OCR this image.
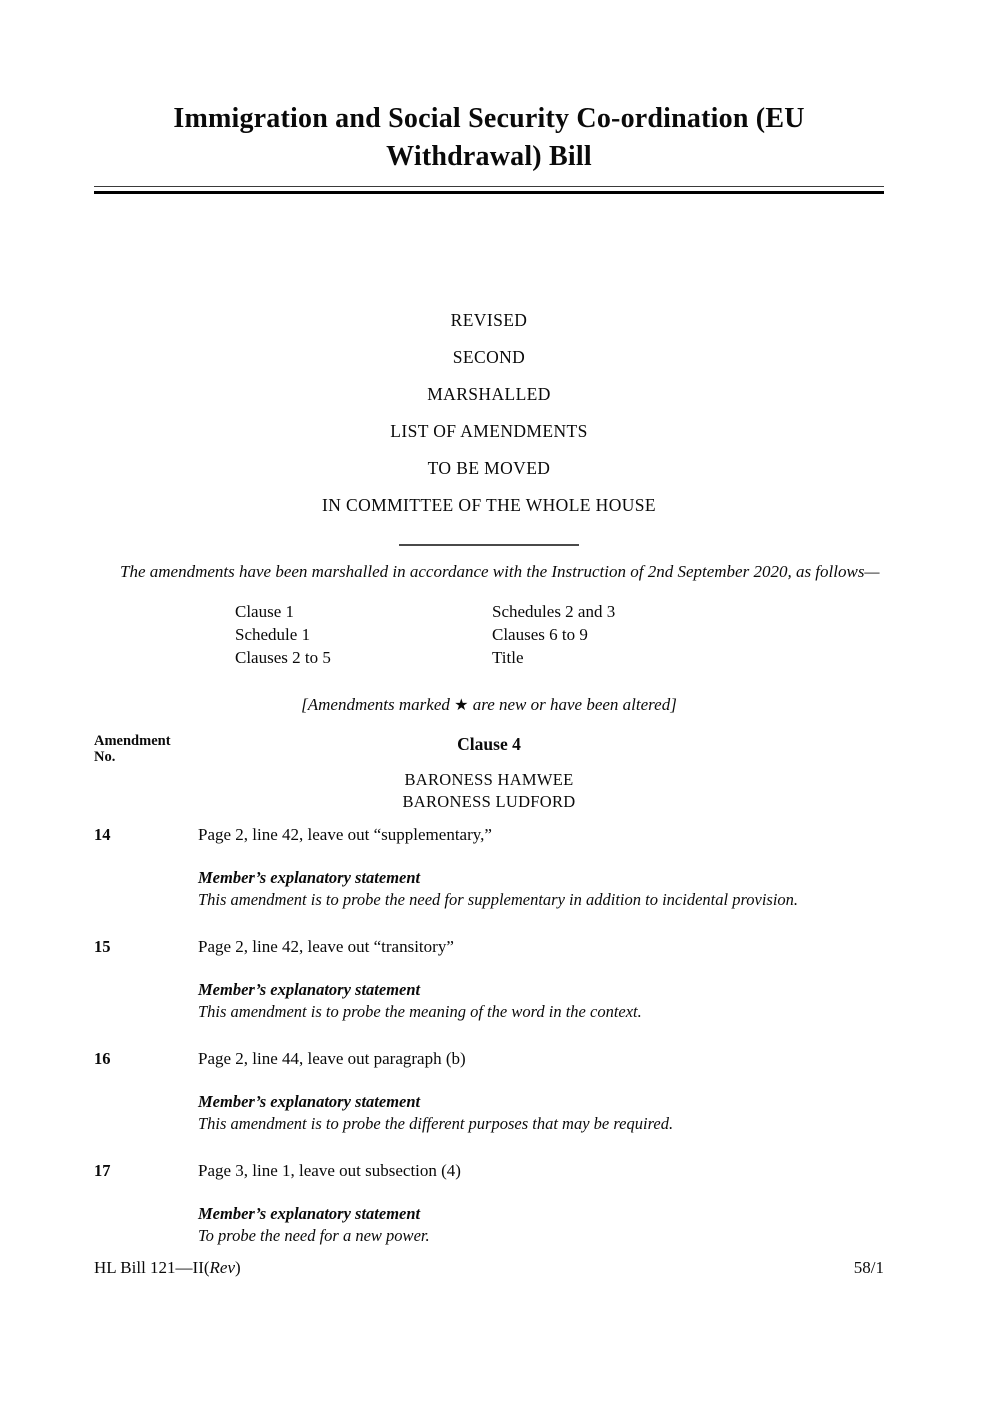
Immigration and Social Security Co-ordination (EU
Withdrawal) Bill
REVISED
SECOND
MARSHALLED
LIST OF AMENDMENTS
TO BE MOVED
IN COMMITTEE OF THE WHOLE HOUSE

The amendments have been marshalled in accordance with the Instruction of 2nd September 2020, as follows—

Clause 1	Schedules 2 and 3
Schedule 1	Clauses 6 to 9
Clauses 2 to 5	Title
[Amendments marked ★ are new or have been altered]
Amendment
No.
Clause 4
BARONESS HAMWEE
BARONESS LUDFORD
14	Page 2, line 42, leave out “supplementary,”
Member’s explanatory statement
This amendment is to probe the need for supplementary in addition to incidental provision.
15	Page 2, line 42, leave out “transitory”
Member’s explanatory statement
This amendment is to probe the meaning of the word in the context.
16	Page 2, line 44, leave out paragraph (b)
Member’s explanatory statement
This amendment is to probe the different purposes that may be required.
17	Page 3, line 1, leave out subsection (4)
Member’s explanatory statement
To probe the need for a new power.
HL Bill 121—II(Rev)	58/1
